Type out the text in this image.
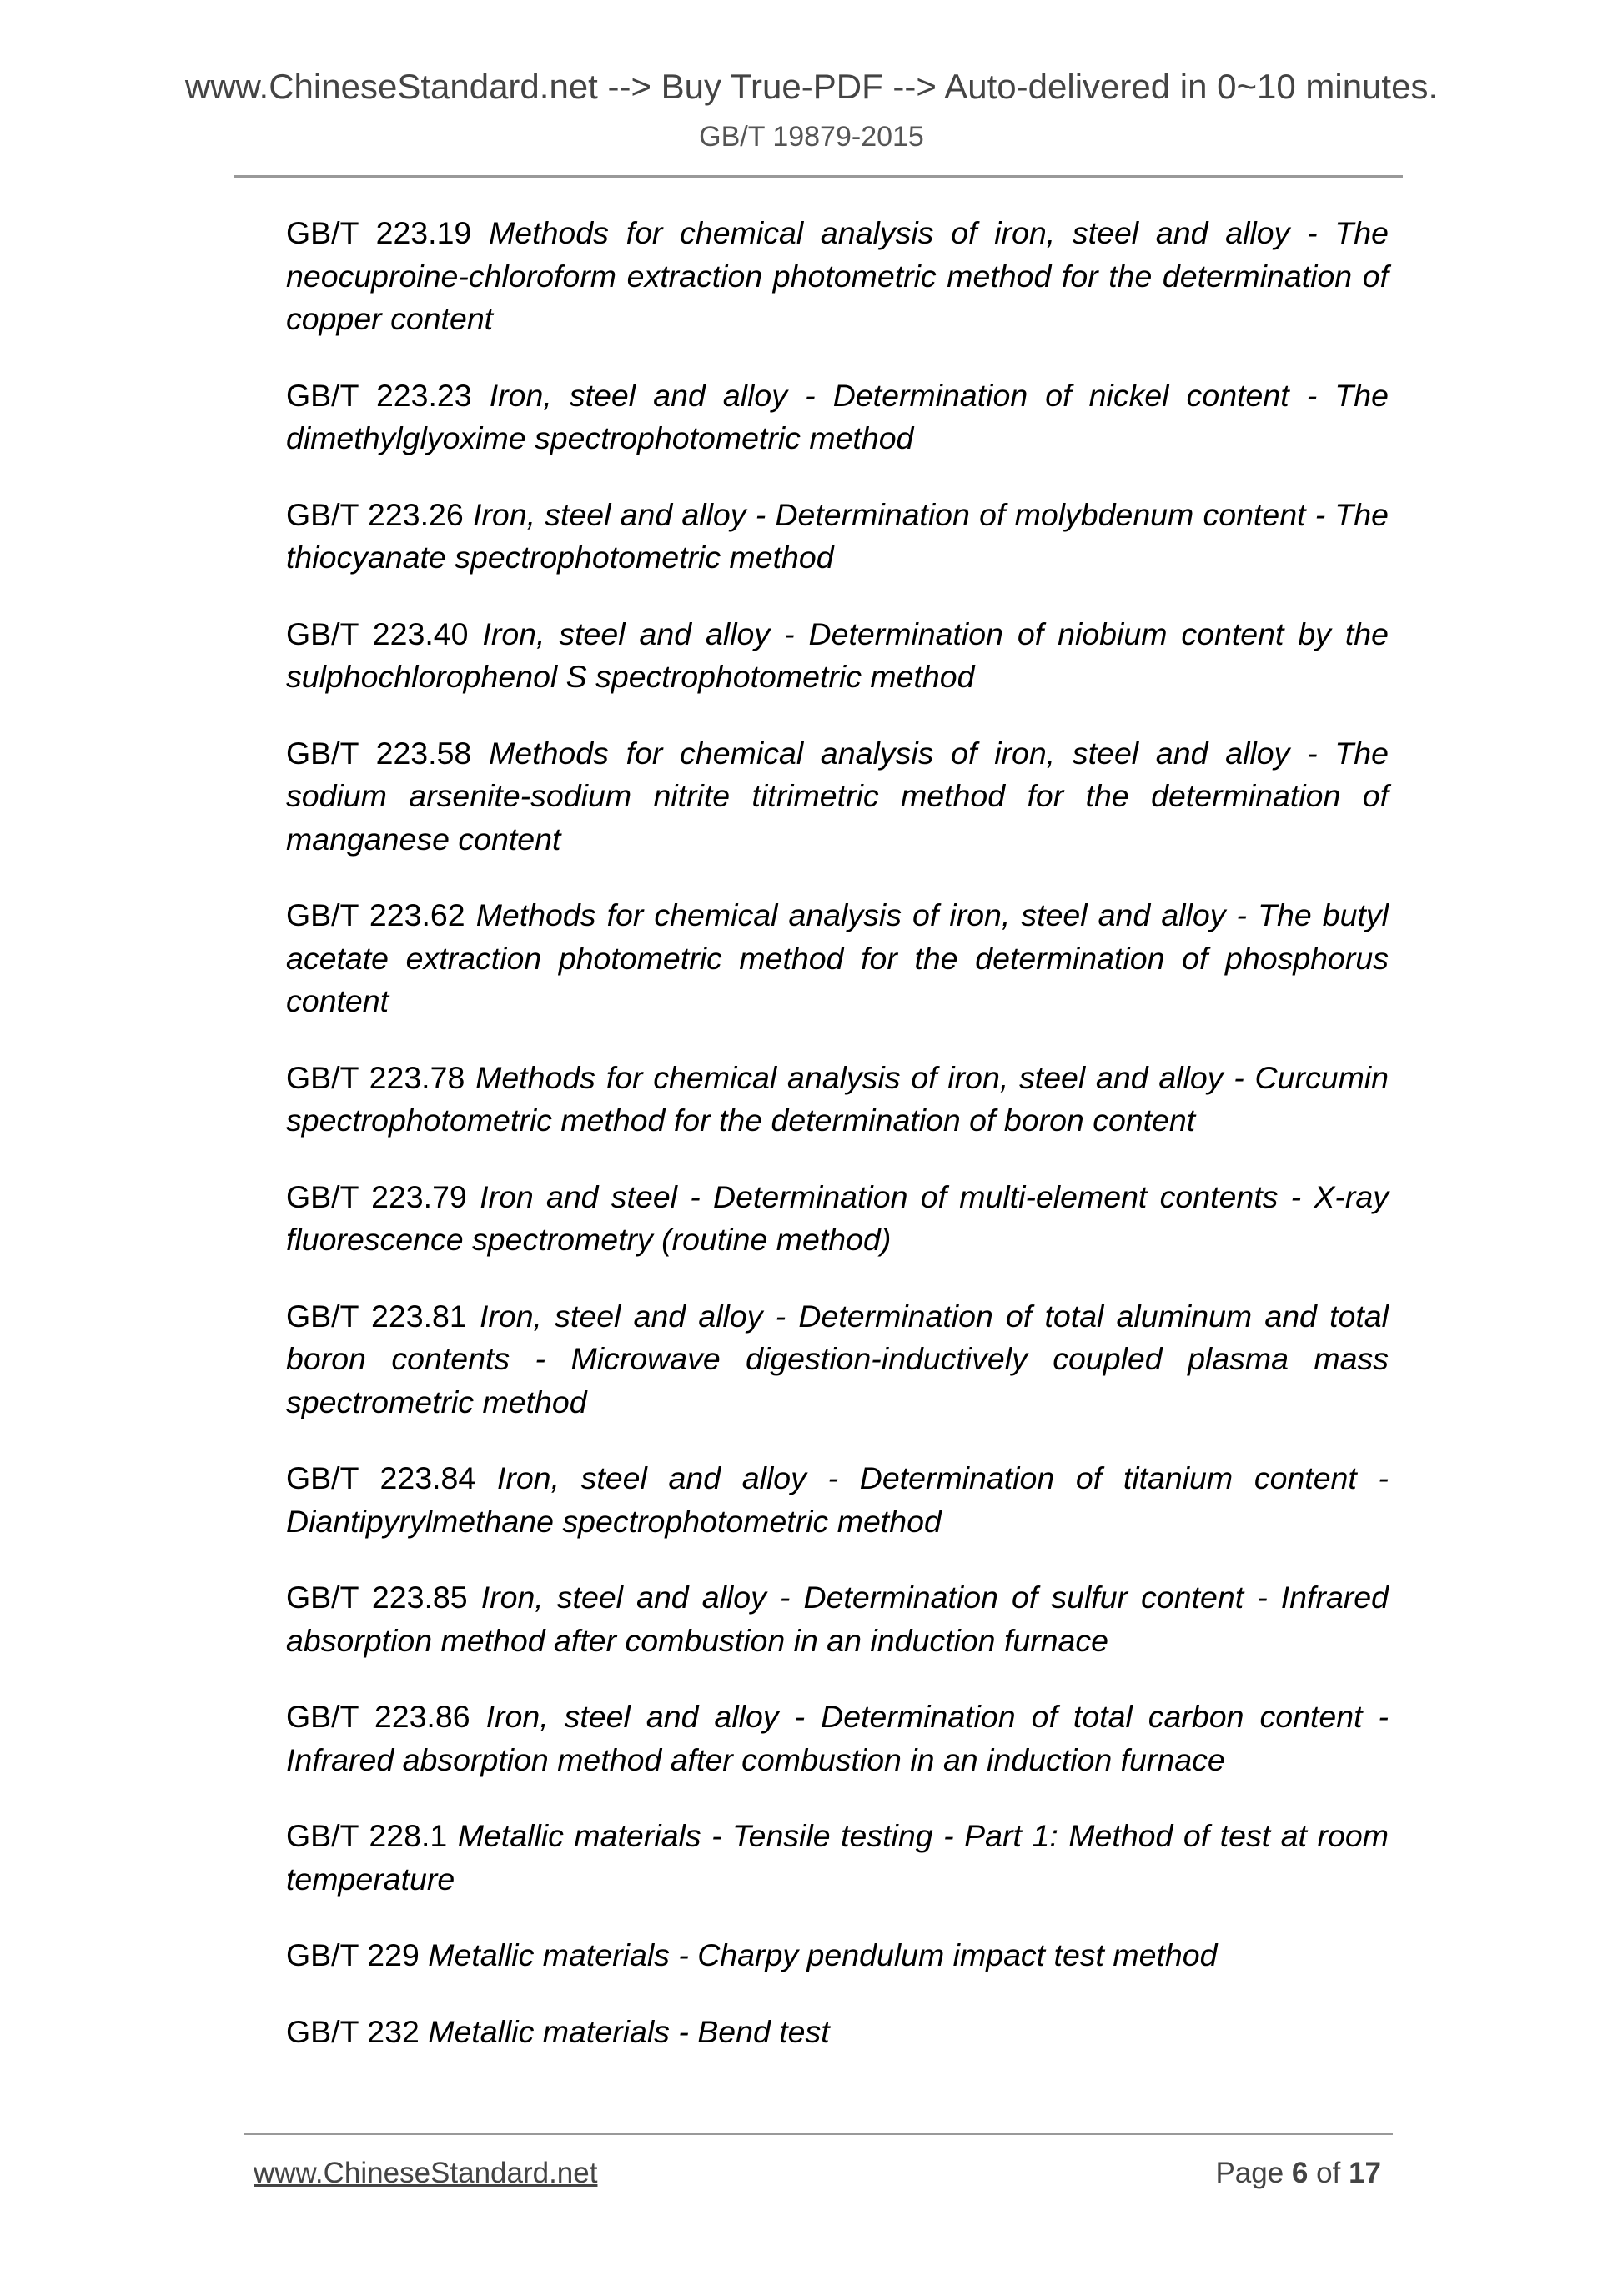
www.ChineseStandard.net --> Buy True-PDF --> Auto-delivered in 0~10 minutes.
GB/T 19879-2015

GB/T 223.19 Methods for chemical analysis of iron, steel and alloy - The neocuproine-chloroform extraction photometric method for the determination of copper content

GB/T 223.23 Iron, steel and alloy - Determination of nickel content - The dimethylglyoxime spectrophotometric method

GB/T 223.26 Iron, steel and alloy - Determination of molybdenum content - The thiocyanate spectrophotometric method

GB/T 223.40 Iron, steel and alloy - Determination of niobium content by the sulphochlorophenol S spectrophotometric method

GB/T 223.58 Methods for chemical analysis of iron, steel and alloy - The sodium arsenite-sodium nitrite titrimetric method for the determination of manganese content

GB/T 223.62 Methods for chemical analysis of iron, steel and alloy - The butyl acetate extraction photometric method for the determination of phosphorus content

GB/T 223.78 Methods for chemical analysis of iron, steel and alloy - Curcumin spectrophotometric method for the determination of boron content

GB/T 223.79 Iron and steel - Determination of multi-element contents - X-ray fluorescence spectrometry (routine method)

GB/T 223.81 Iron, steel and alloy - Determination of total aluminum and total boron contents - Microwave digestion-inductively coupled plasma mass spectrometric method

GB/T 223.84 Iron, steel and alloy - Determination of titanium content - Diantipyrylmethane spectrophotometric method

GB/T 223.85 Iron, steel and alloy - Determination of sulfur content - Infrared absorption method after combustion in an induction furnace

GB/T 223.86 Iron, steel and alloy - Determination of total carbon content - Infrared absorption method after combustion in an induction furnace

GB/T 228.1 Metallic materials - Tensile testing - Part 1: Method of test at room temperature

GB/T 229 Metallic materials - Charpy pendulum impact test method

GB/T 232 Metallic materials - Bend test

www.ChineseStandard.net	Page 6 of 17
